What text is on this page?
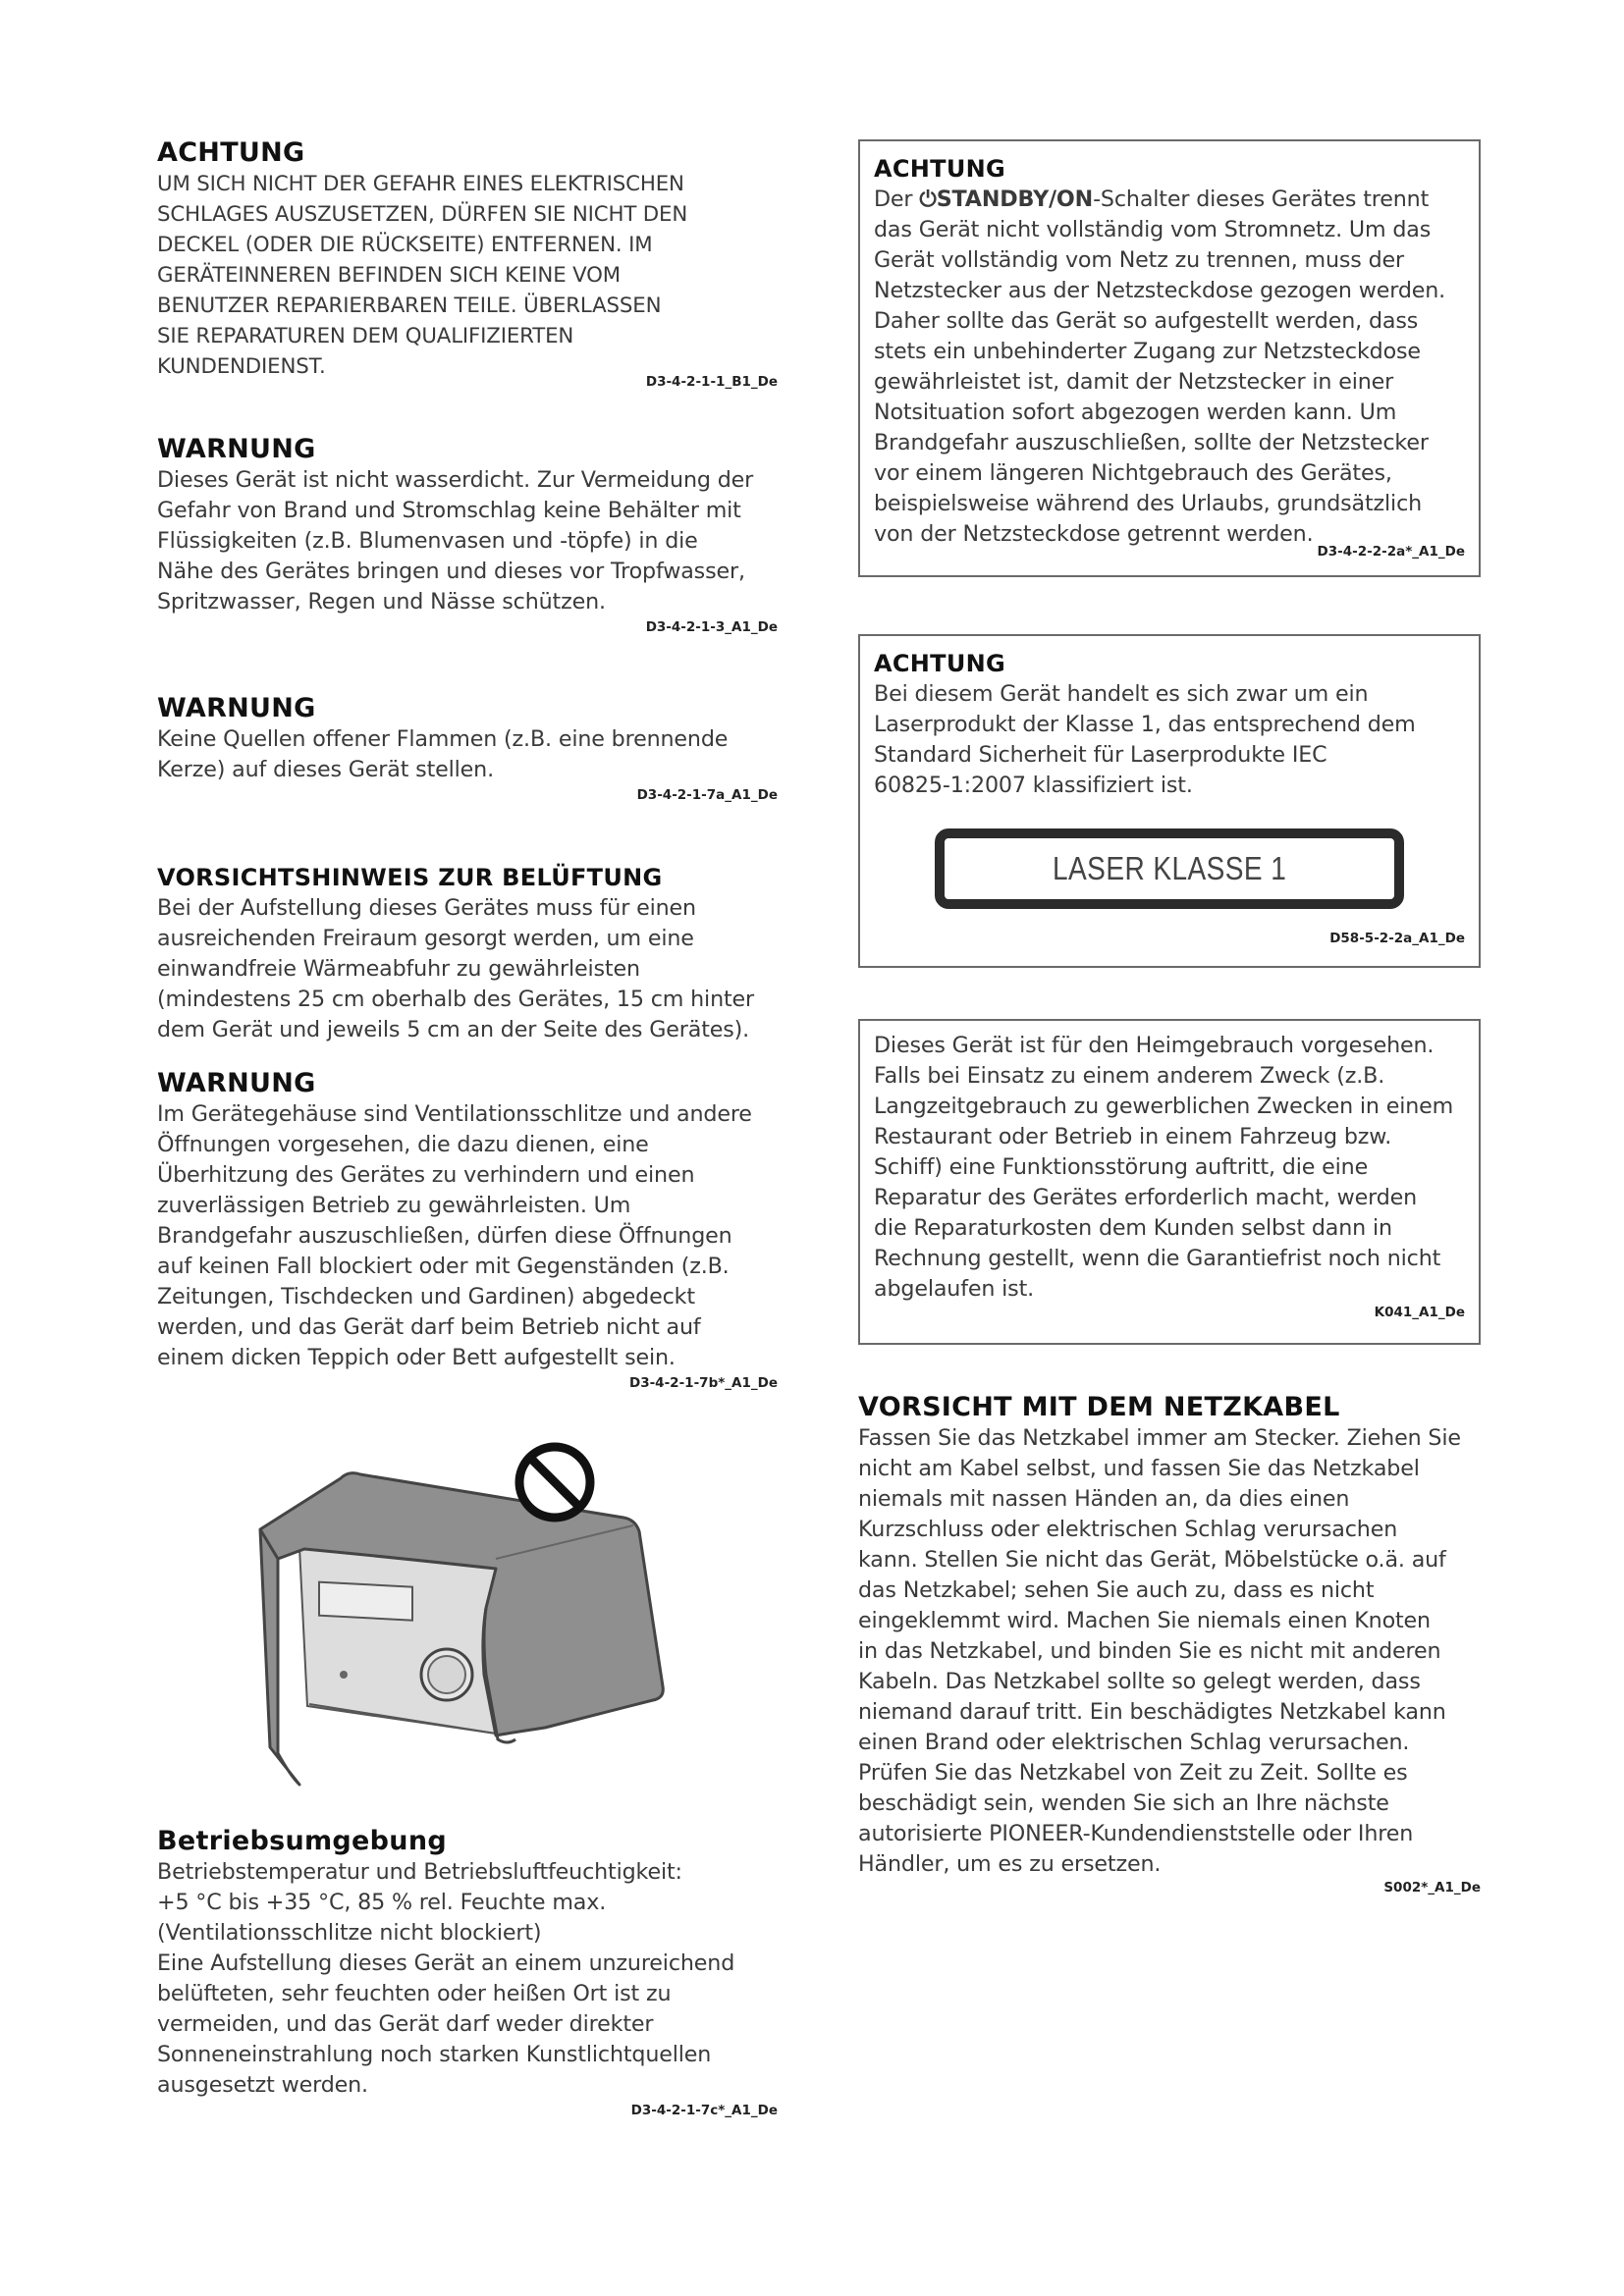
ACHTUNG
UM SICH NICHT DER GEFAHR EINES ELEKTRISCHEN
SCHLAGES AUSZUSETZEN, DÜRFEN SIE NICHT DEN
DECKEL (ODER DIE RÜCKSEITE) ENTFERNEN. IM
GERÄTEINNEREN BEFINDEN SICH KEINE VOM
BENUTZER REPARIERBAREN TEILE. ÜBERLASSEN
SIE REPARATUREN DEM QUALIFIZIERTEN
KUNDENDIENST.
D3-4-2-1-1_B1_De
WARNUNG
Dieses Gerät ist nicht wasserdicht. Zur Vermeidung der
Gefahr von Brand und Stromschlag keine Behälter mit
Flüssigkeiten (z.B. Blumenvasen und -töpfe) in die
Nähe des Gerätes bringen und dieses vor Tropfwasser,
Spritzwasser, Regen und Nässe schützen.
D3-4-2-1-3_A1_De
WARNUNG
Keine Quellen offener Flammen (z.B. eine brennende
Kerze) auf dieses Gerät stellen.
D3-4-2-1-7a_A1_De
VORSICHTSHINWEIS ZUR BELÜFTUNG
Bei der Aufstellung dieses Gerätes muss für einen
ausreichenden Freiraum gesorgt werden, um eine
einwandfreie Wärmeabfuhr zu gewährleisten
(mindestens 25 cm oberhalb des Gerätes, 15 cm hinter
dem Gerät und jeweils 5 cm an der Seite des Gerätes).
WARNUNG
Im Gerätegehäuse sind Ventilationsschlitze und andere
Öffnungen vorgesehen, die dazu dienen, eine
Überhitzung des Gerätes zu verhindern und einen
zuverlässigen Betrieb zu gewährleisten. Um
Brandgefahr auszuschließen, dürfen diese Öffnungen
auf keinen Fall blockiert oder mit Gegenständen (z.B.
Zeitungen, Tischdecken und Gardinen) abgedeckt
werden, und das Gerät darf beim Betrieb nicht auf
einem dicken Teppich oder Bett aufgestellt sein.
D3-4-2-1-7b*_A1_De
Betriebsumgebung
Betriebstemperatur und Betriebsluftfeuchtigkeit:
+5 °C bis +35 °C, 85 % rel. Feuchte max.
(Ventilationsschlitze nicht blockiert)
Eine Aufstellung dieses Gerät an einem unzureichend
belüfteten, sehr feuchten oder heißen Ort ist zu
vermeiden, und das Gerät darf weder direkter
Sonneneinstrahlung noch starken Kunstlichtquellen
ausgesetzt werden.
D3-4-2-1-7c*_A1_De
ACHTUNG
Der ⏻STANDBY/ON-Schalter dieses Gerätes trennt
das Gerät nicht vollständig vom Stromnetz. Um das
Gerät vollständig vom Netz zu trennen, muss der
Netzstecker aus der Netzsteckdose gezogen werden.
Daher sollte das Gerät so aufgestellt werden, dass
stets ein unbehinderter Zugang zur Netzsteckdose
gewährleistet ist, damit der Netzstecker in einer
Notsituation sofort abgezogen werden kann. Um
Brandgefahr auszuschließen, sollte der Netzstecker
vor einem längeren Nichtgebrauch des Gerätes,
beispielsweise während des Urlaubs, grundsätzlich
von der Netzsteckdose getrennt werden.
D3-4-2-2-2a*_A1_De
ACHTUNG
Bei diesem Gerät handelt es sich zwar um ein
Laserprodukt der Klasse 1, das entsprechend dem
Standard Sicherheit für Laserprodukte IEC
60825-1:2007 klassifiziert ist.
LASER KLASSE 1
D58-5-2-2a_A1_De
Dieses Gerät ist für den Heimgebrauch vorgesehen.
Falls bei Einsatz zu einem anderem Zweck (z.B.
Langzeitgebrauch zu gewerblichen Zwecken in einem
Restaurant oder Betrieb in einem Fahrzeug bzw.
Schiff) eine Funktionsstörung auftritt, die eine
Reparatur des Gerätes erforderlich macht, werden
die Reparaturkosten dem Kunden selbst dann in
Rechnung gestellt, wenn die Garantiefrist noch nicht
abgelaufen ist.
K041_A1_De
VORSICHT MIT DEM NETZKABEL
Fassen Sie das Netzkabel immer am Stecker. Ziehen Sie
nicht am Kabel selbst, und fassen Sie das Netzkabel
niemals mit nassen Händen an, da dies einen
Kurzschluss oder elektrischen Schlag verursachen
kann. Stellen Sie nicht das Gerät, Möbelstücke o.ä. auf
das Netzkabel; sehen Sie auch zu, dass es nicht
eingeklemmt wird. Machen Sie niemals einen Knoten
in das Netzkabel, und binden Sie es nicht mit anderen
Kabeln. Das Netzkabel sollte so gelegt werden, dass
niemand darauf tritt. Ein beschädigtes Netzkabel kann
einen Brand oder elektrischen Schlag verursachen.
Prüfen Sie das Netzkabel von Zeit zu Zeit. Sollte es
beschädigt sein, wenden Sie sich an Ihre nächste
autorisierte PIONEER-Kundendienststelle oder Ihren
Händler, um es zu ersetzen.
S002*_A1_De
